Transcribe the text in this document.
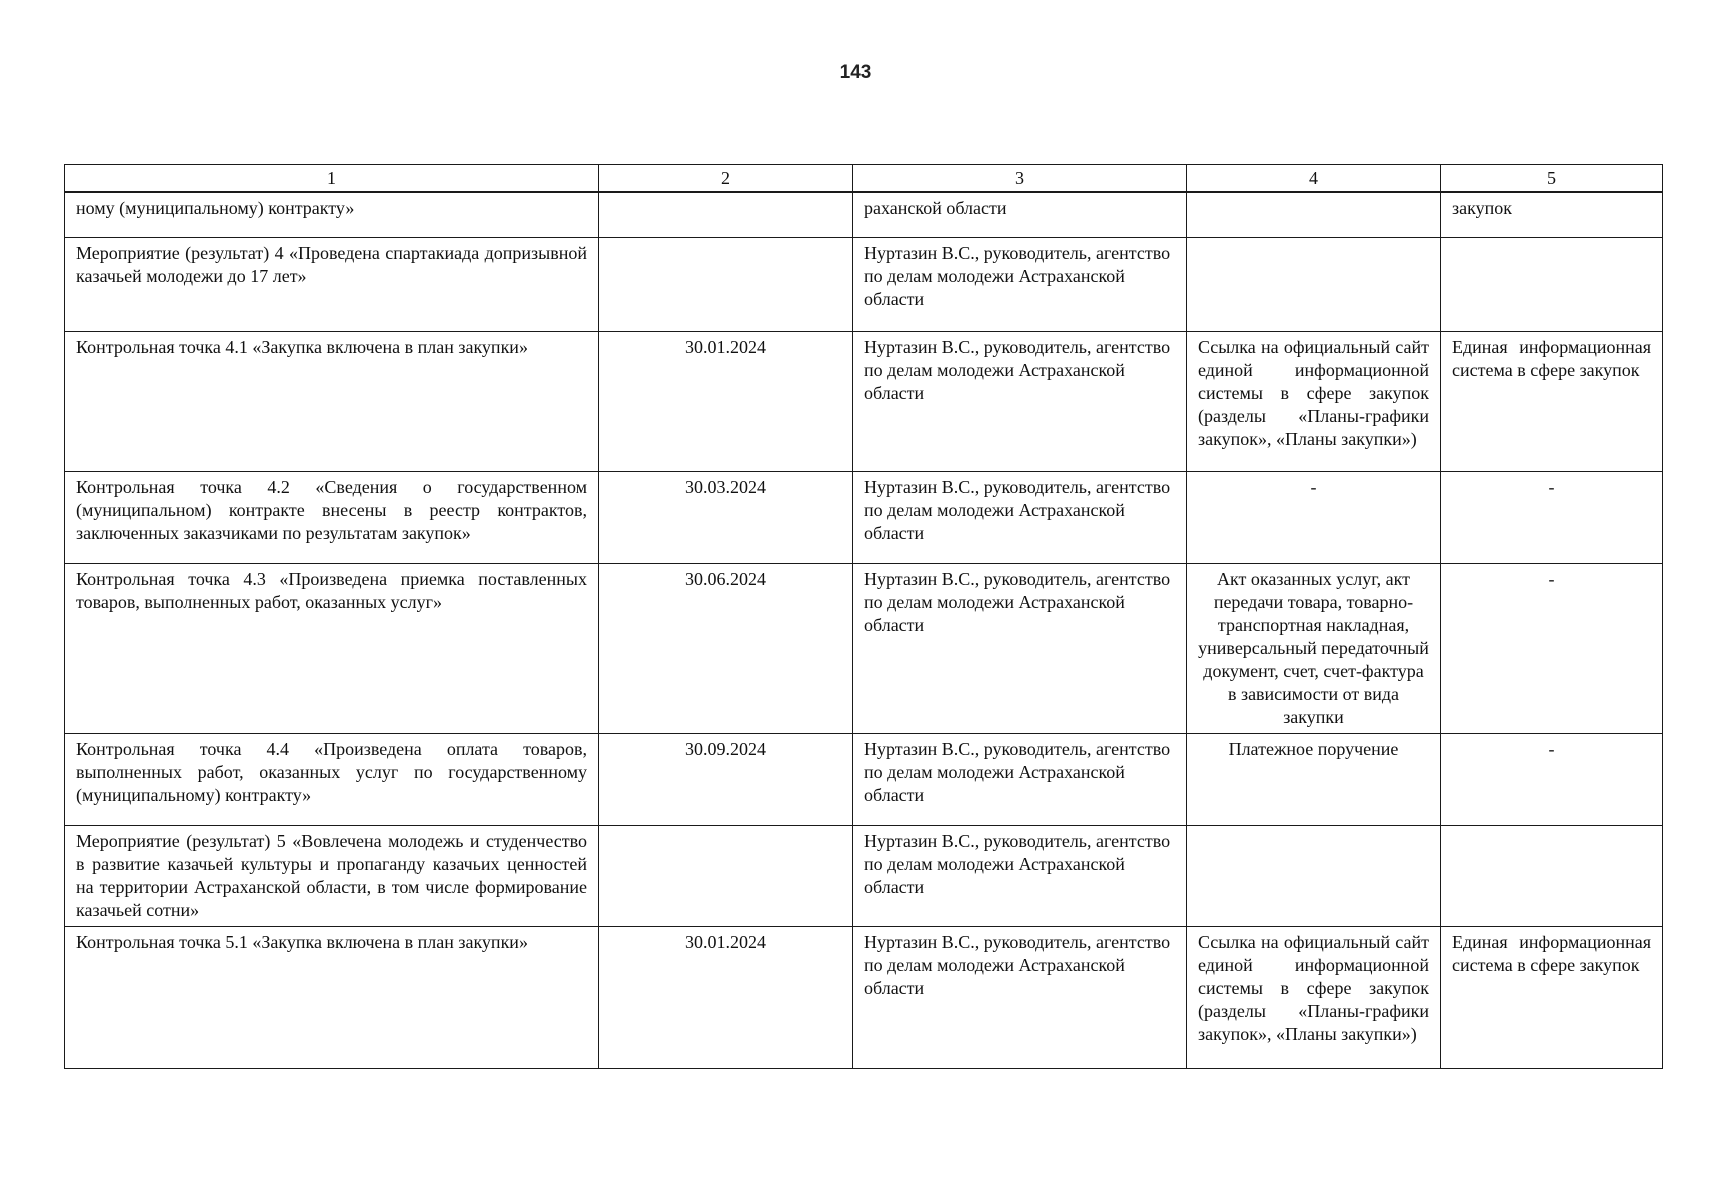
143
1	2	3	4	5
ному (муниципальному) контракту»		раханской области		закупок
Мероприятие (результат) 4 «Проведена спартакиада допризывной казачьей молодежи до 17 лет»		Нуртазин В.С., руководитель, агентство по делам молодежи Астраханской области		
Контрольная точка 4.1 «Закупка включена в план закупки»	30.01.2024	Нуртазин В.С., руководитель, агентство по делам молодежи Астраханской области	Ссылка на официальный сайт единой информационной системы в сфере закупок (разделы «Планы-графики закупок», «Планы закупки»)	Единая информационная система в сфере закупок
Контрольная точка 4.2 «Сведения о государственном (муниципальном) контракте внесены в реестр контрактов, заключенных заказчиками по результатам закупок»	30.03.2024	Нуртазин В.С., руководитель, агентство по делам молодежи Астраханской области	-	-
Контрольная точка 4.3 «Произведена приемка поставленных товаров, выполненных работ, оказанных услуг»	30.06.2024	Нуртазин В.С., руководитель, агентство по делам молодежи Астраханской области	Акт оказанных услуг, акт передачи товара, товарно-транспортная накладная, универсальный передаточный документ, счет, счет-фактура в зависимости от вида закупки	-
Контрольная точка 4.4 «Произведена оплата товаров, выполненных работ, оказанных услуг по государственному (муниципальному) контракту»	30.09.2024	Нуртазин В.С., руководитель, агентство по делам молодежи Астраханской области	Платежное поручение	-
Мероприятие (результат) 5 «Вовлечена молодежь и студенчество в развитие казачьей культуры и пропаганду казачьих ценностей на территории Астраханской области, в том числе формирование казачьей сотни»		Нуртазин В.С., руководитель, агентство по делам молодежи Астраханской области		
Контрольная точка 5.1 «Закупка включена в план закупки»	30.01.2024	Нуртазин В.С., руководитель, агентство по делам молодежи Астраханской области	Ссылка на официальный сайт единой информационной системы в сфере закупок (разделы «Планы-графики закупок», «Планы закупки»)	Единая информационная система в сфере закупок
